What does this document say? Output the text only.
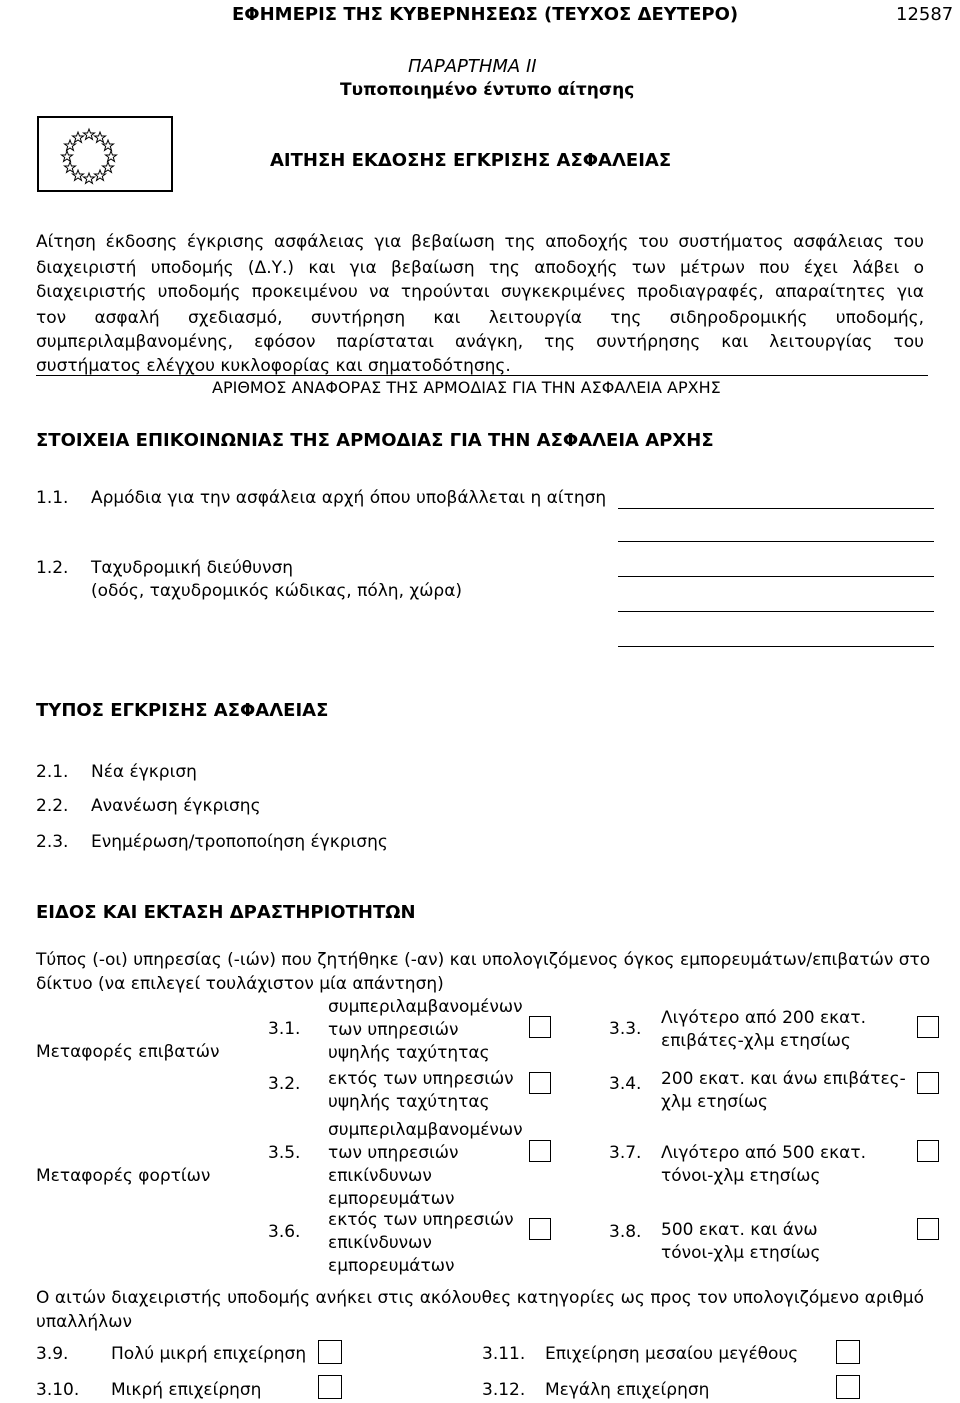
ΕΦΗΜΕΡΙΣ ΤΗΣ ΚΥΒΕΡΝΗΣΕΩΣ (ΤΕΥΧΟΣ ΔΕΥΤΕΡΟ)	12587
ΠΑΡΑΡΤΗΜΑ ΙΙ
Τυποποιημένο έντυπο αίτησης
ΑΙΤΗΣΗ ΕΚΔΟΣΗΣ ΕΓΚΡΙΣΗΣ ΑΣΦΑΛΕΙΑΣ
Αίτηση έκδοσης έγκρισης ασφάλειας για βεβαίωση της αποδοχής του συστήματος ασφάλειας του
διαχειριστή υποδομής (Δ.Υ.) και για βεβαίωση της αποδοχής των μέτρων που έχει λάβει ο
διαχειριστής υποδομής προκειμένου να τηρούνται συγκεκριμένες προδιαγραφές, απαραίτητες για
τον ασφαλή σχεδιασμό, συντήρηση και λειτουργία της σιδηροδρομικής υποδομής,
συμπεριλαμβανομένης, εφόσον παρίσταται ανάγκη, της συντήρησης και λειτουργίας του
συστήματος ελέγχου κυκλοφορίας και σηματοδότησης.
ΑΡΙΘΜΟΣ ΑΝΑΦΟΡΑΣ ΤΗΣ ΑΡΜΟΔΙΑΣ ΓΙΑ ΤΗΝ ΑΣΦΑΛΕΙΑ ΑΡΧΗΣ
ΣΤΟΙΧΕΙΑ ΕΠΙΚΟΙΝΩΝΙΑΣ ΤΗΣ ΑΡΜΟΔΙΑΣ ΓΙΑ ΤΗΝ ΑΣΦΑΛΕΙΑ ΑΡΧΗΣ
1.1. Αρμόδια για την ασφάλεια αρχή όπου υποβάλλεται η αίτηση
1.2. Ταχυδρομική διεύθυνση
(οδός, ταχυδρομικός κώδικας, πόλη, χώρα)
ΤΥΠΟΣ ΕΓΚΡΙΣΗΣ ΑΣΦΑΛΕΙΑΣ
2.1. Νέα έγκριση
2.2. Ανανέωση έγκρισης
2.3. Ενημέρωση/τροποποίηση έγκρισης
ΕΙΔΟΣ ΚΑΙ ΕΚΤΑΣΗ ΔΡΑΣΤΗΡΙΟΤΗΤΩΝ
Τύπος (-οι) υπηρεσίας (-ιών) που ζητήθηκε (-αν) και υπολογιζόμενος όγκος εμπορευμάτων/επιβατών στο
δίκτυο (να επιλεγεί τουλάχιστον μία απάντηση)
Μεταφορές επιβατών
Μεταφορές φορτίων
3.1.
συμπεριλαμβανομένων
των υπηρεσιών
υψηλής ταχύτητας
3.2. εκτός των υπηρεσιών
υψηλής ταχύτητας
3.3.
Λιγότερο από 200 εκατ.
επιβάτες-χλμ ετησίως
3.4. 200 εκατ. και άνω επιβάτες-
χλμ ετησίως
3.5.
συμπεριλαμβανομένων
των υπηρεσιών
επικίνδυνων
εμπορευμάτων
3.6.
εκτός των υπηρεσιών
επικίνδυνων
εμπορευμάτων
3.7. Λιγότερο από 500 εκατ.
τόνοι-χλμ ετησίως
3.8. 500 εκατ. και άνω
τόνοι-χλμ ετησίως
Ο αιτών διαχειριστής υποδομής ανήκει στις ακόλουθες κατηγορίες ως προς τον υπολογιζόμενο αριθμό
υπαλλήλων
3.9.	Πολύ μικρή επιχείρηση
3.10. Μικρή επιχείρηση
3.11. Επιχείρηση μεσαίου μεγέθους
3.12. Μεγάλη επιχείρηση
